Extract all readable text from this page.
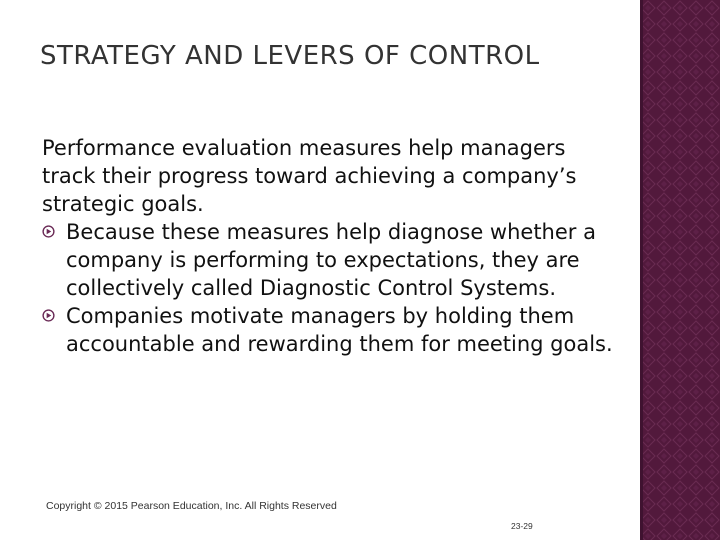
STRATEGY AND LEVERS OF CONTROL

Performance evaluation measures help managers track their progress toward achieving a company’s strategic goals.

Because these measures help diagnose whether a company is performing to expectations, they are collectively called Diagnostic Control Systems.
Companies motivate managers by holding them accountable and rewarding them for meeting goals.
Copyright © 2015 Pearson Education, Inc. All Rights Reserved
23-29
